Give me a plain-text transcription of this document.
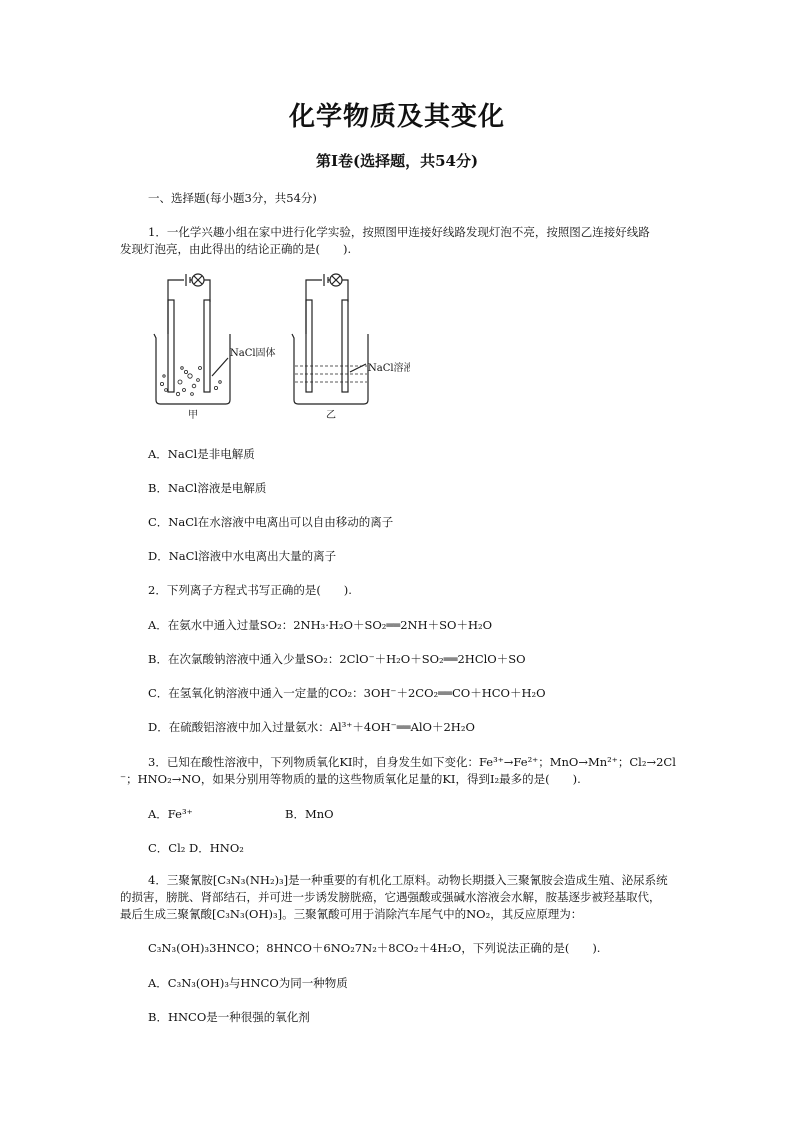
化学物质及其变化
第Ⅰ卷(选择题，共54分)
一、选择题(每小题3分，共54分)
1．一化学兴趣小组在家中进行化学实验，按照图甲连接好线路发现灯泡不亮，按照图乙连接好线路
发现灯泡亮，由此得出的结论正确的是(　　).
NaCl固体
甲
NaCl溶液
乙
A．NaCl是非电解质
B．NaCl溶液是电解质
C．NaCl在水溶液中电离出可以自由移动的离子
D．NaCl溶液中水电离出大量的离子
2．下列离子方程式书写正确的是(　　).
A．在氨水中通入过量SO₂：2NH₃·H₂O＋SO₂══2NH＋SO＋H₂O
B．在次氯酸钠溶液中通入少量SO₂：2ClO⁻＋H₂O＋SO₂══2HClO＋SO
C．在氢氧化钠溶液中通入一定量的CO₂：3OH⁻＋2CO₂══CO＋HCO＋H₂O
D．在硫酸铝溶液中加入过量氨水：Al³⁺＋4OH⁻══AlO＋2H₂O
3．已知在酸性溶液中，下列物质氧化KI时，自身发生如下变化：Fe³⁺→Fe²⁺；MnO→Mn²⁺；Cl₂→2Cl
⁻；HNO₂→NO，如果分别用等物质的量的这些物质氧化足量的KI，得到I₂最多的是(　　).
A．Fe³⁺	B．MnO
C．Cl₂ D．HNO₂
4．三聚氰胺[C₃N₃(NH₂)₃]是一种重要的有机化工原料。动物长期摄入三聚氰胺会造成生殖、泌尿系统
的损害，膀胱、肾部结石，并可进一步诱发膀胱癌，它遇强酸或强碱水溶液会水解，胺基逐步被羟基取代，
最后生成三聚氰酸[C₃N₃(OH)₃]。三聚氰酸可用于消除汽车尾气中的NO₂，其反应原理为：
C₃N₃(OH)₃3HNCO；8HNCO＋6NO₂7N₂＋8CO₂＋4H₂O，下列说法正确的是(　　).
A．C₃N₃(OH)₃与HNCO为同一种物质
B．HNCO是一种很强的氧化剂
